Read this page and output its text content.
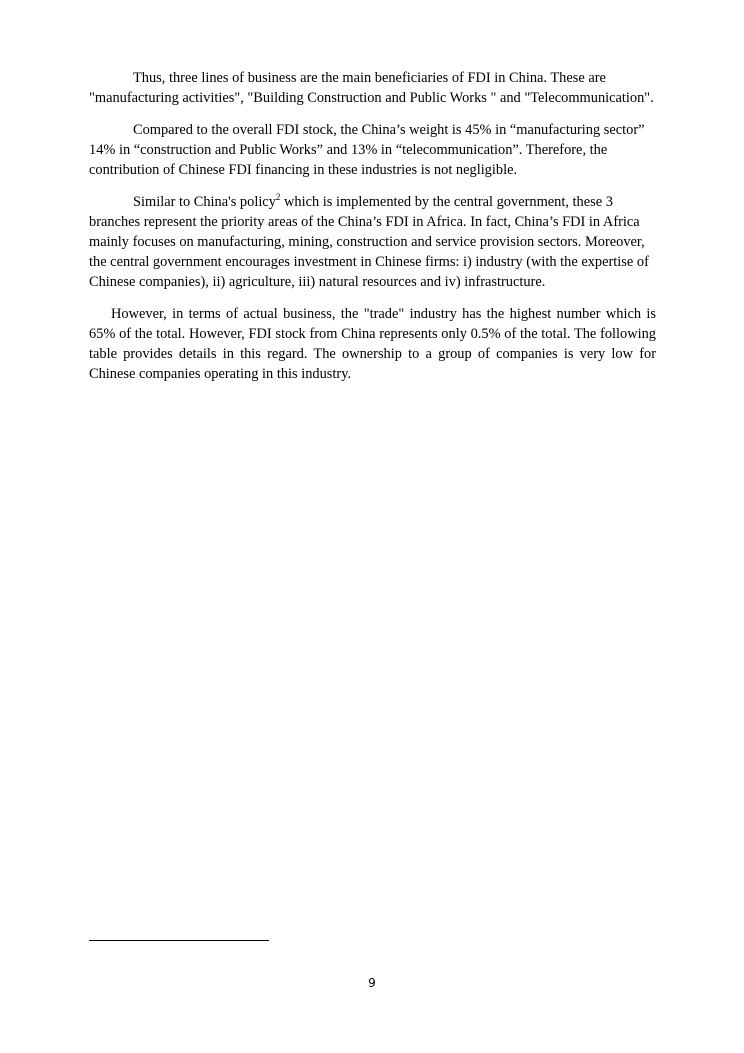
Thus, three lines of business are the main beneficiaries of FDI in China. These are "manufacturing activities", "Building Construction and Public Works " and "Telecommunication".

Compared to the overall FDI stock, the China’s weight is 45% in “manufacturing sector” 14% in “construction and Public Works” and 13% in “telecommunication”. Therefore, the contribution of Chinese FDI financing in these industries is not negligible.

Similar to China's policy$^2$ which is implemented by the central government, these 3 branches represent the priority areas of the China’s FDI in Africa. In fact, China’s FDI in Africa mainly focuses on manufacturing, mining, construction and service provision sectors. Moreover, the central government encourages investment in Chinese firms: i) industry (with the expertise of Chinese companies), ii) agriculture, iii) natural resources and iv) infrastructure.

However, in terms of actual business, the "trade" industry has the highest number which is 65% of the total. However, FDI stock from China represents only 0.5% of the total. The following table provides details in this regard. The ownership to a group of companies is very low for Chinese companies operating in this industry.

9
